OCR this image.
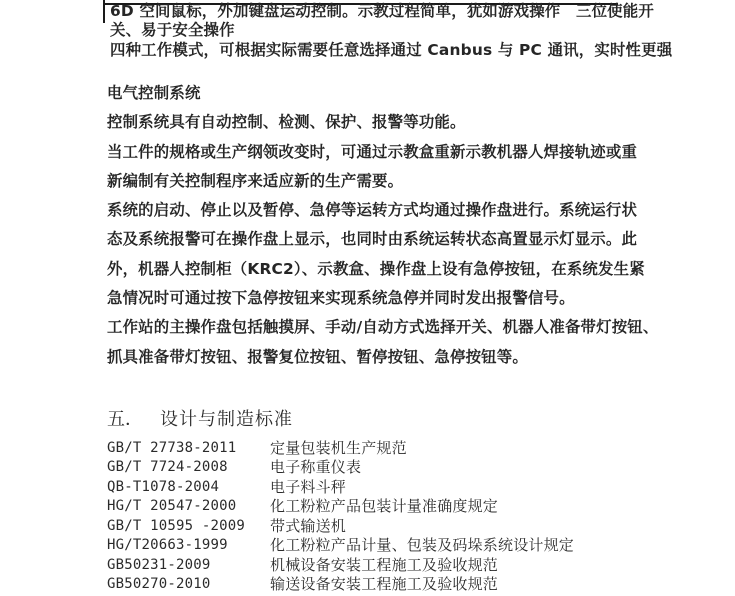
6D 空间鼠标，外加键盘运动控制。示教过程简单，犹如游戏操作　三位使能开
关、易于安全操作
四种工作模式，可根据实际需要任意选择通过 Canbus 与 PC 通讯，实时性更强
电气控制系统
控制系统具有自动控制、检测、保护、报警等功能。
当工件的规格或生产纲领改变时，可通过示教盒重新示教机器人焊接轨迹或重
新编制有关控制程序来适应新的生产需要。
系统的启动、停止以及暂停、急停等运转方式均通过操作盘进行。系统运行状
态及系统报警可在操作盘上显示，也同时由系统运转状态高置显示灯显示。此
外，机器人控制柜（KRC2）、示教盒、操作盘上设有急停按钮，在系统发生紧
急情况时可通过按下急停按钮来实现系统急停并同时发出报警信号。
工作站的主操作盘包括触摸屏、手动/自动方式选择开关、机器人准备带灯按钮、
抓具准备带灯按钮、报警复位按钮、暂停按钮、急停按钮等。
五． 设计与制造标准
GB/T 27738-2011 定量包装机生产规范
GB/T 7724-2008	电子称重仪表
QB-T1078-2004	电子料斗秤
HG/T 20547-2000 化工粉粒产品包装计量准确度规定
GB/T 10595 -2009 带式输送机
HG/T20663-1999	化工粉粒产品计量、包装及码垛系统设计规定
GB50231-2009	机械设备安装工程施工及验收规范
GB50270-2010	输送设备安装工程施工及验收规范
